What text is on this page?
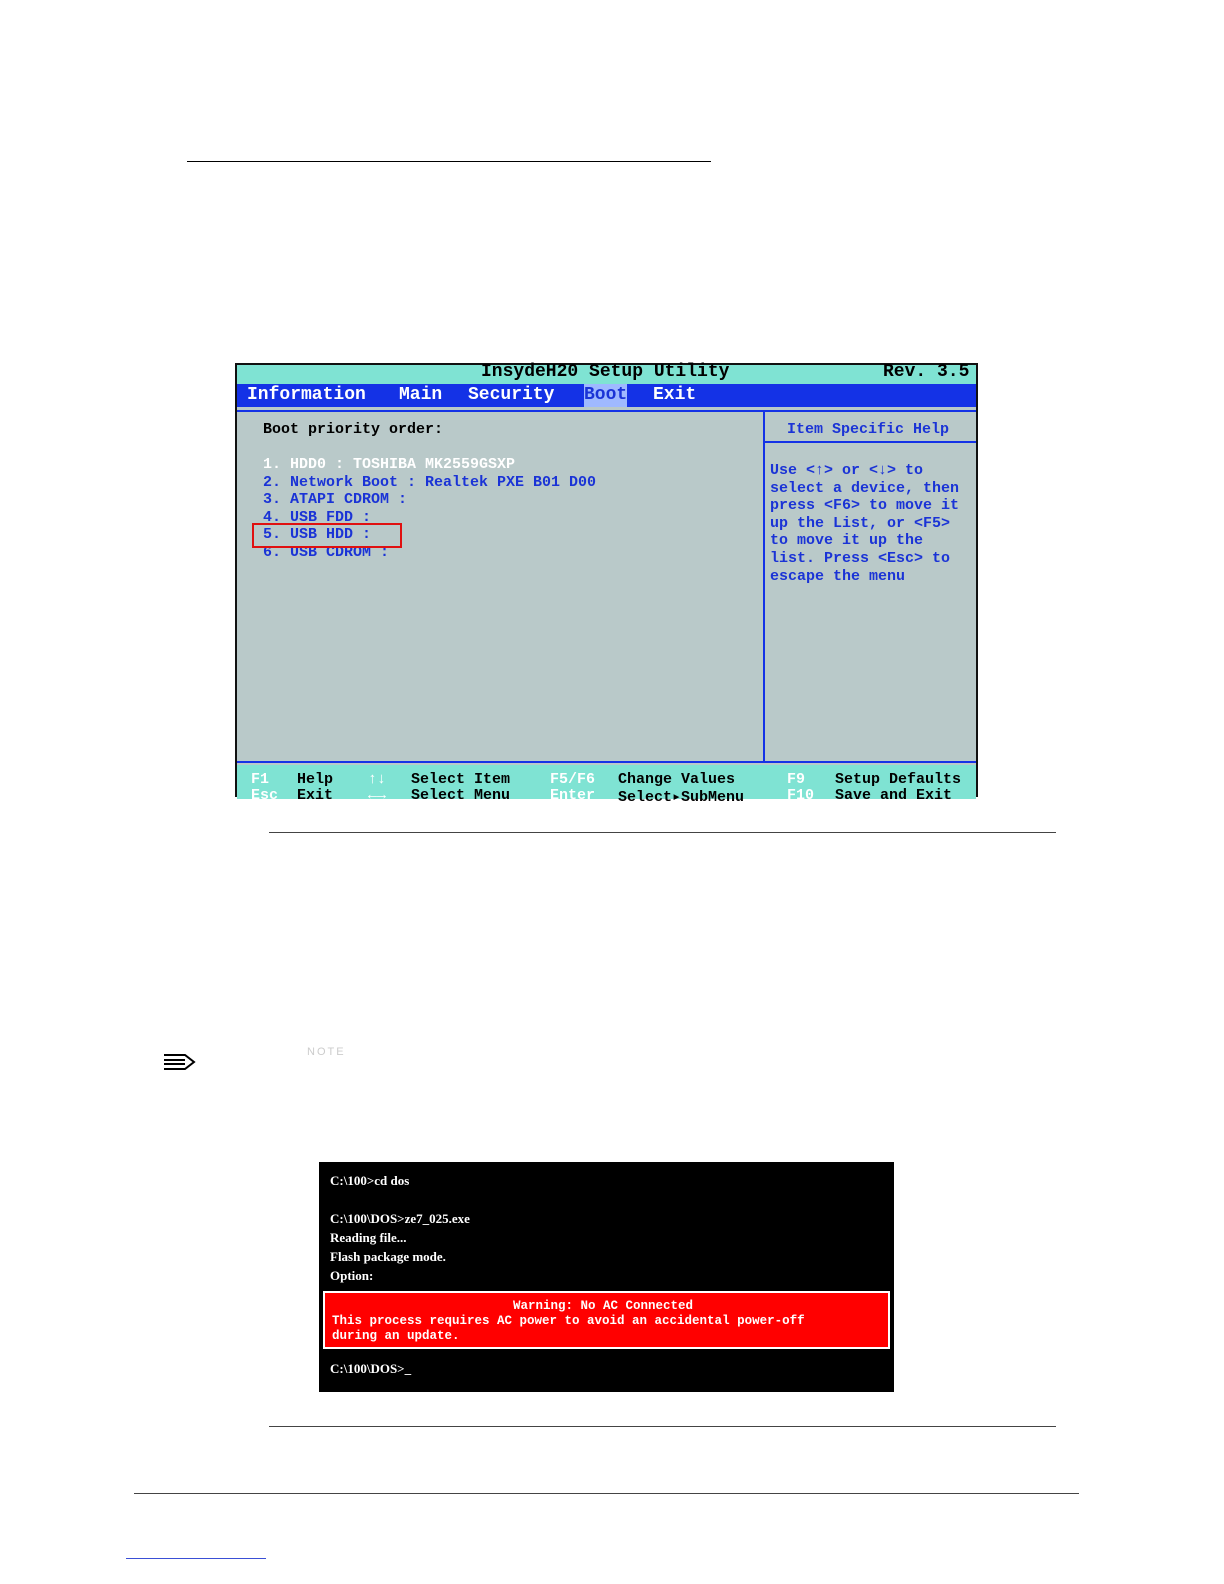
InsydeH20 Setup Utility	Rev. 3.5
Information Main Security Boot Exit
Boot priority order:
1. HDD0 : TOSHIBA MK2559GSXP
2. Network Boot : Realtek PXE B01 D00
3. ATAPI CDROM :
4. USB FDD :
5. USB HDD :
6. USB CDROM :
Item Specific Help
Use <↑> or <↓> to
select a device, then
press <F6> to move it
up the List, or <F5>
to move it up the
list. Press <Esc> to
escape the menu
F1 Help ↑↓ Select Item	F5/F6 Change Values	F9 Setup Defaults
Esc Exit ←→ Select Menu	Enter Select▸SubMenu	F10 Save and Exit
NOTE
C:\100>cd dos
C:\100\DOS>ze7_025.exe
Reading file...
Flash package mode.
Option:
Warning: No AC Connected
This process requires AC power to avoid an accidental power-off
during an update.
C:\100\DOS>_
